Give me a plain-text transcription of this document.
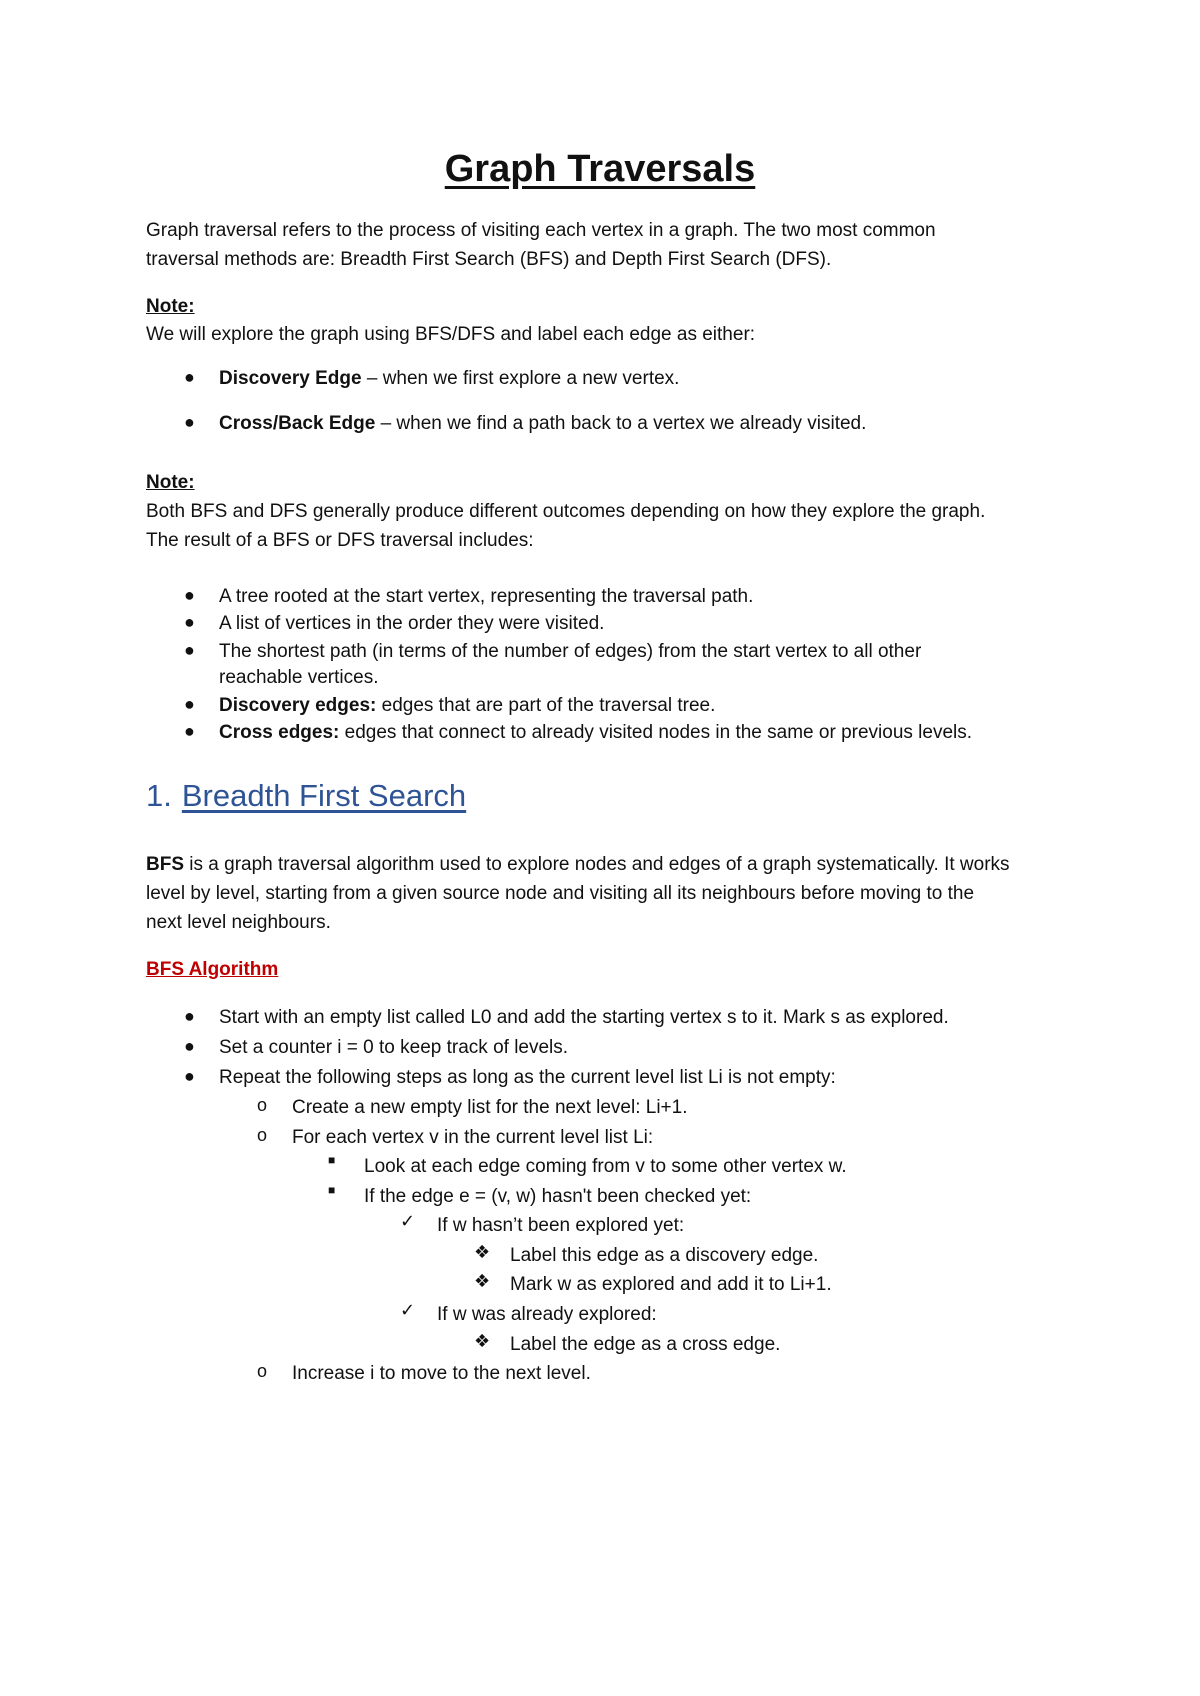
Graph Traversals
Graph traversal refers to the process of visiting each vertex in a graph. The two most common
traversal methods are: Breadth First Search (BFS) and Depth First Search (DFS).
Note:
We will explore the graph using BFS/DFS and label each edge as either:
● Discovery Edge – when we first explore a new vertex.
● Cross/Back Edge – when we find a path back to a vertex we already visited.
Note:
Both BFS and DFS generally produce different outcomes depending on how they explore the graph.
The result of a BFS or DFS traversal includes:
● A tree rooted at the start vertex, representing the traversal path.
● A list of vertices in the order they were visited.
● The shortest path (in terms of the number of edges) from the start vertex to all other
reachable vertices.
● Discovery edges: edges that are part of the traversal tree.
● Cross edges: edges that connect to already visited nodes in the same or previous levels.
1. Breadth First Search
BFS is a graph traversal algorithm used to explore nodes and edges of a graph systematically. It works
level by level, starting from a given source node and visiting all its neighbours before moving to the
next level neighbours.
BFS Algorithm
● Start with an empty list called L0 and add the starting vertex s to it. Mark s as explored.
● Set a counter i = 0 to keep track of levels.
● Repeat the following steps as long as the current level list Li is not empty:
o Create a new empty list for the next level: Li+1.
o For each vertex v in the current level list Li:
■ Look at each edge coming from v to some other vertex w.
■ If the edge e = (v, w) hasn't been checked yet:
✓ If w hasn’t been explored yet:
❖ Label this edge as a discovery edge.
❖ Mark w as explored and add it to Li+1.
✓ If w was already explored:
❖ Label the edge as a cross edge.
o Increase i to move to the next level.
